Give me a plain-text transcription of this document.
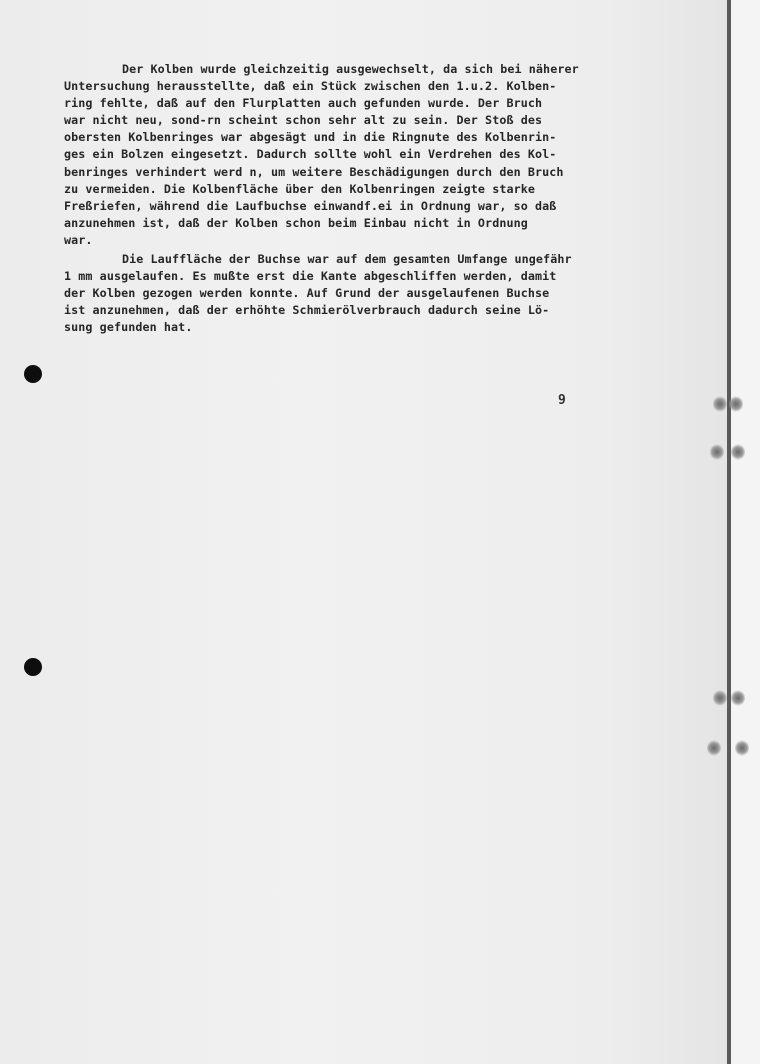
Der Kolben wurde gleichzeitig ausgewechselt, da sich bei näherer
Untersuchung herausstellte, daß ein Stück zwischen den 1.u.2. Kolben-
ring fehlte, daß auf den Flurplatten auch gefunden wurde. Der Bruch
war nicht neu, sond-rn scheint schon sehr alt zu sein. Der Stoß des
obersten Kolbenringes war abgesägt und in die Ringnute des Kolbenrin-
ges ein Bolzen eingesetzt. Dadurch sollte wohl ein Verdrehen des Kol-
benringes verhindert werd n, um weitere Beschädigungen durch den Bruch
zu vermeiden. Die Kolbenfläche über den Kolbenringen zeigte starke
Freßriefen, während die Laufbuchse einwandf.ei in Ordnung war, so daß
anzunehmen ist, daß der Kolben schon beim Einbau nicht in Ordnung
war.
Die Lauffläche der Buchse war auf dem gesamten Umfange ungefähr
1 mm ausgelaufen. Es mußte erst die Kante abgeschliffen werden, damit
der Kolben gezogen werden konnte. Auf Grund der ausgelaufenen Buchse
ist anzunehmen, daß der erhöhte Schmierölverbrauch dadurch seine Lö-
sung gefunden hat.
9
